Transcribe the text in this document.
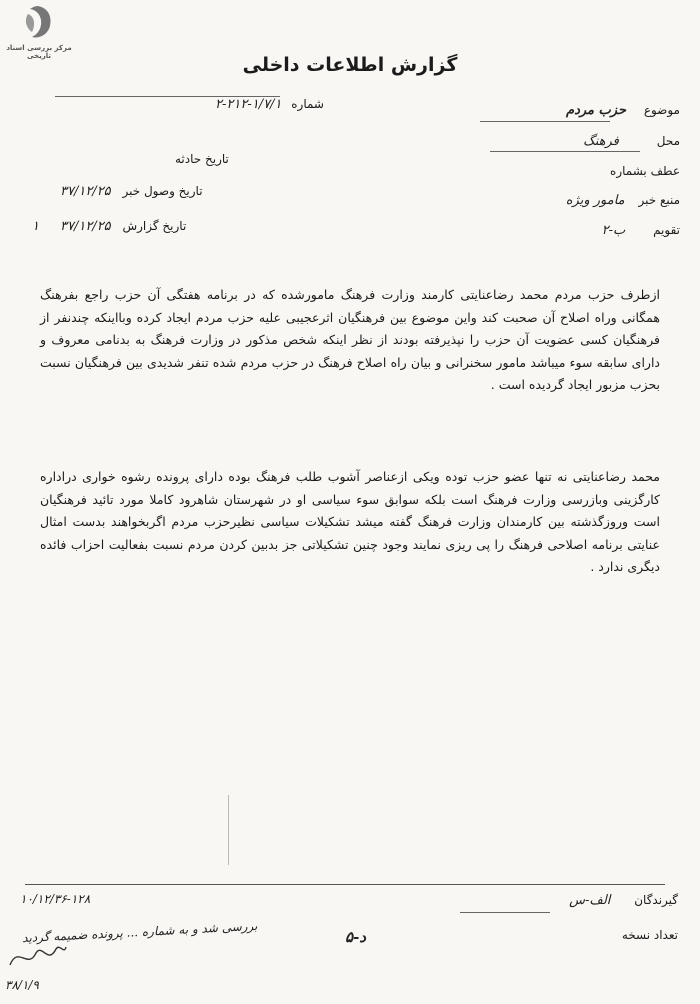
مرکز بررسی اسناد تاریخی	گزارش اطلاعات داخلی
شماره ۲-۲۱۲-۱/۷/۱
تاریخ حادثه
تاریخ وصول خبر ۳۷/۱۲/۲۵
تاریخ گزارش ۳۷/۱۲/۲۵
۱
موضوع حزب مردم
محل فرهنگ
عطف بشماره
منبع خبر مامور ویژه
تقویم ب-۲

ازطرف حزب مردم محمد رضاعنایتی کارمند وزارت فرهنگ مامورشده که در برنامه هفتگی آن حزب راجع بفرهنگ همگانی وراه اصلاح آن صحبت کند واین موضوع بین فرهنگیان اثرعجیبی علیه حزب مردم ایجاد کرده وبااینکه چندنفر از فرهنگیان کسی عضویت آن حزب را نپذیرفته بودند از نظر اینکه شخص مذکور در وزارت فرهنگ به بدنامی معروف و دارای سابقه سوء میباشد مامور سخنرانی و بیان راه اصلاح فرهنگ در حزب مردم شده تنفر شدیدی بین فرهنگیان نسبت بحزب مزبور ایجاد گردیده است .

محمد رضاعنایتی نه تنها عضو حزب توده ویکی ازعناصر آشوب طلب فرهنگ بوده دارای پرونده رشوه خواری دراداره کارگزینی وبازرسی وزارت فرهنگ است بلکه سوابق سوء سیاسی او در شهرستان شاهرود کاملا مورد تائید فرهنگیان است وروزگذشته بین کارمندان وزارت فرهنگ گفته میشد تشکیلات سیاسی نظیرحزب مردم اگربخواهند بدست امثال عنایتی برنامه اصلاحی فرهنگ را پی ریزی نمایند وجود چنین تشکیلاتی جز بدبین کردن مردم نسبت بفعالیت احزاب فائده دیگری ندارد .

گیرندگان الف-س
تعداد نسخه
د-۵
۱۰/۱۲/۳۶-۱۲۸
بررسی شد و به شماره ... پرونده ضمیمه گردید
۳۸/۱/۹
